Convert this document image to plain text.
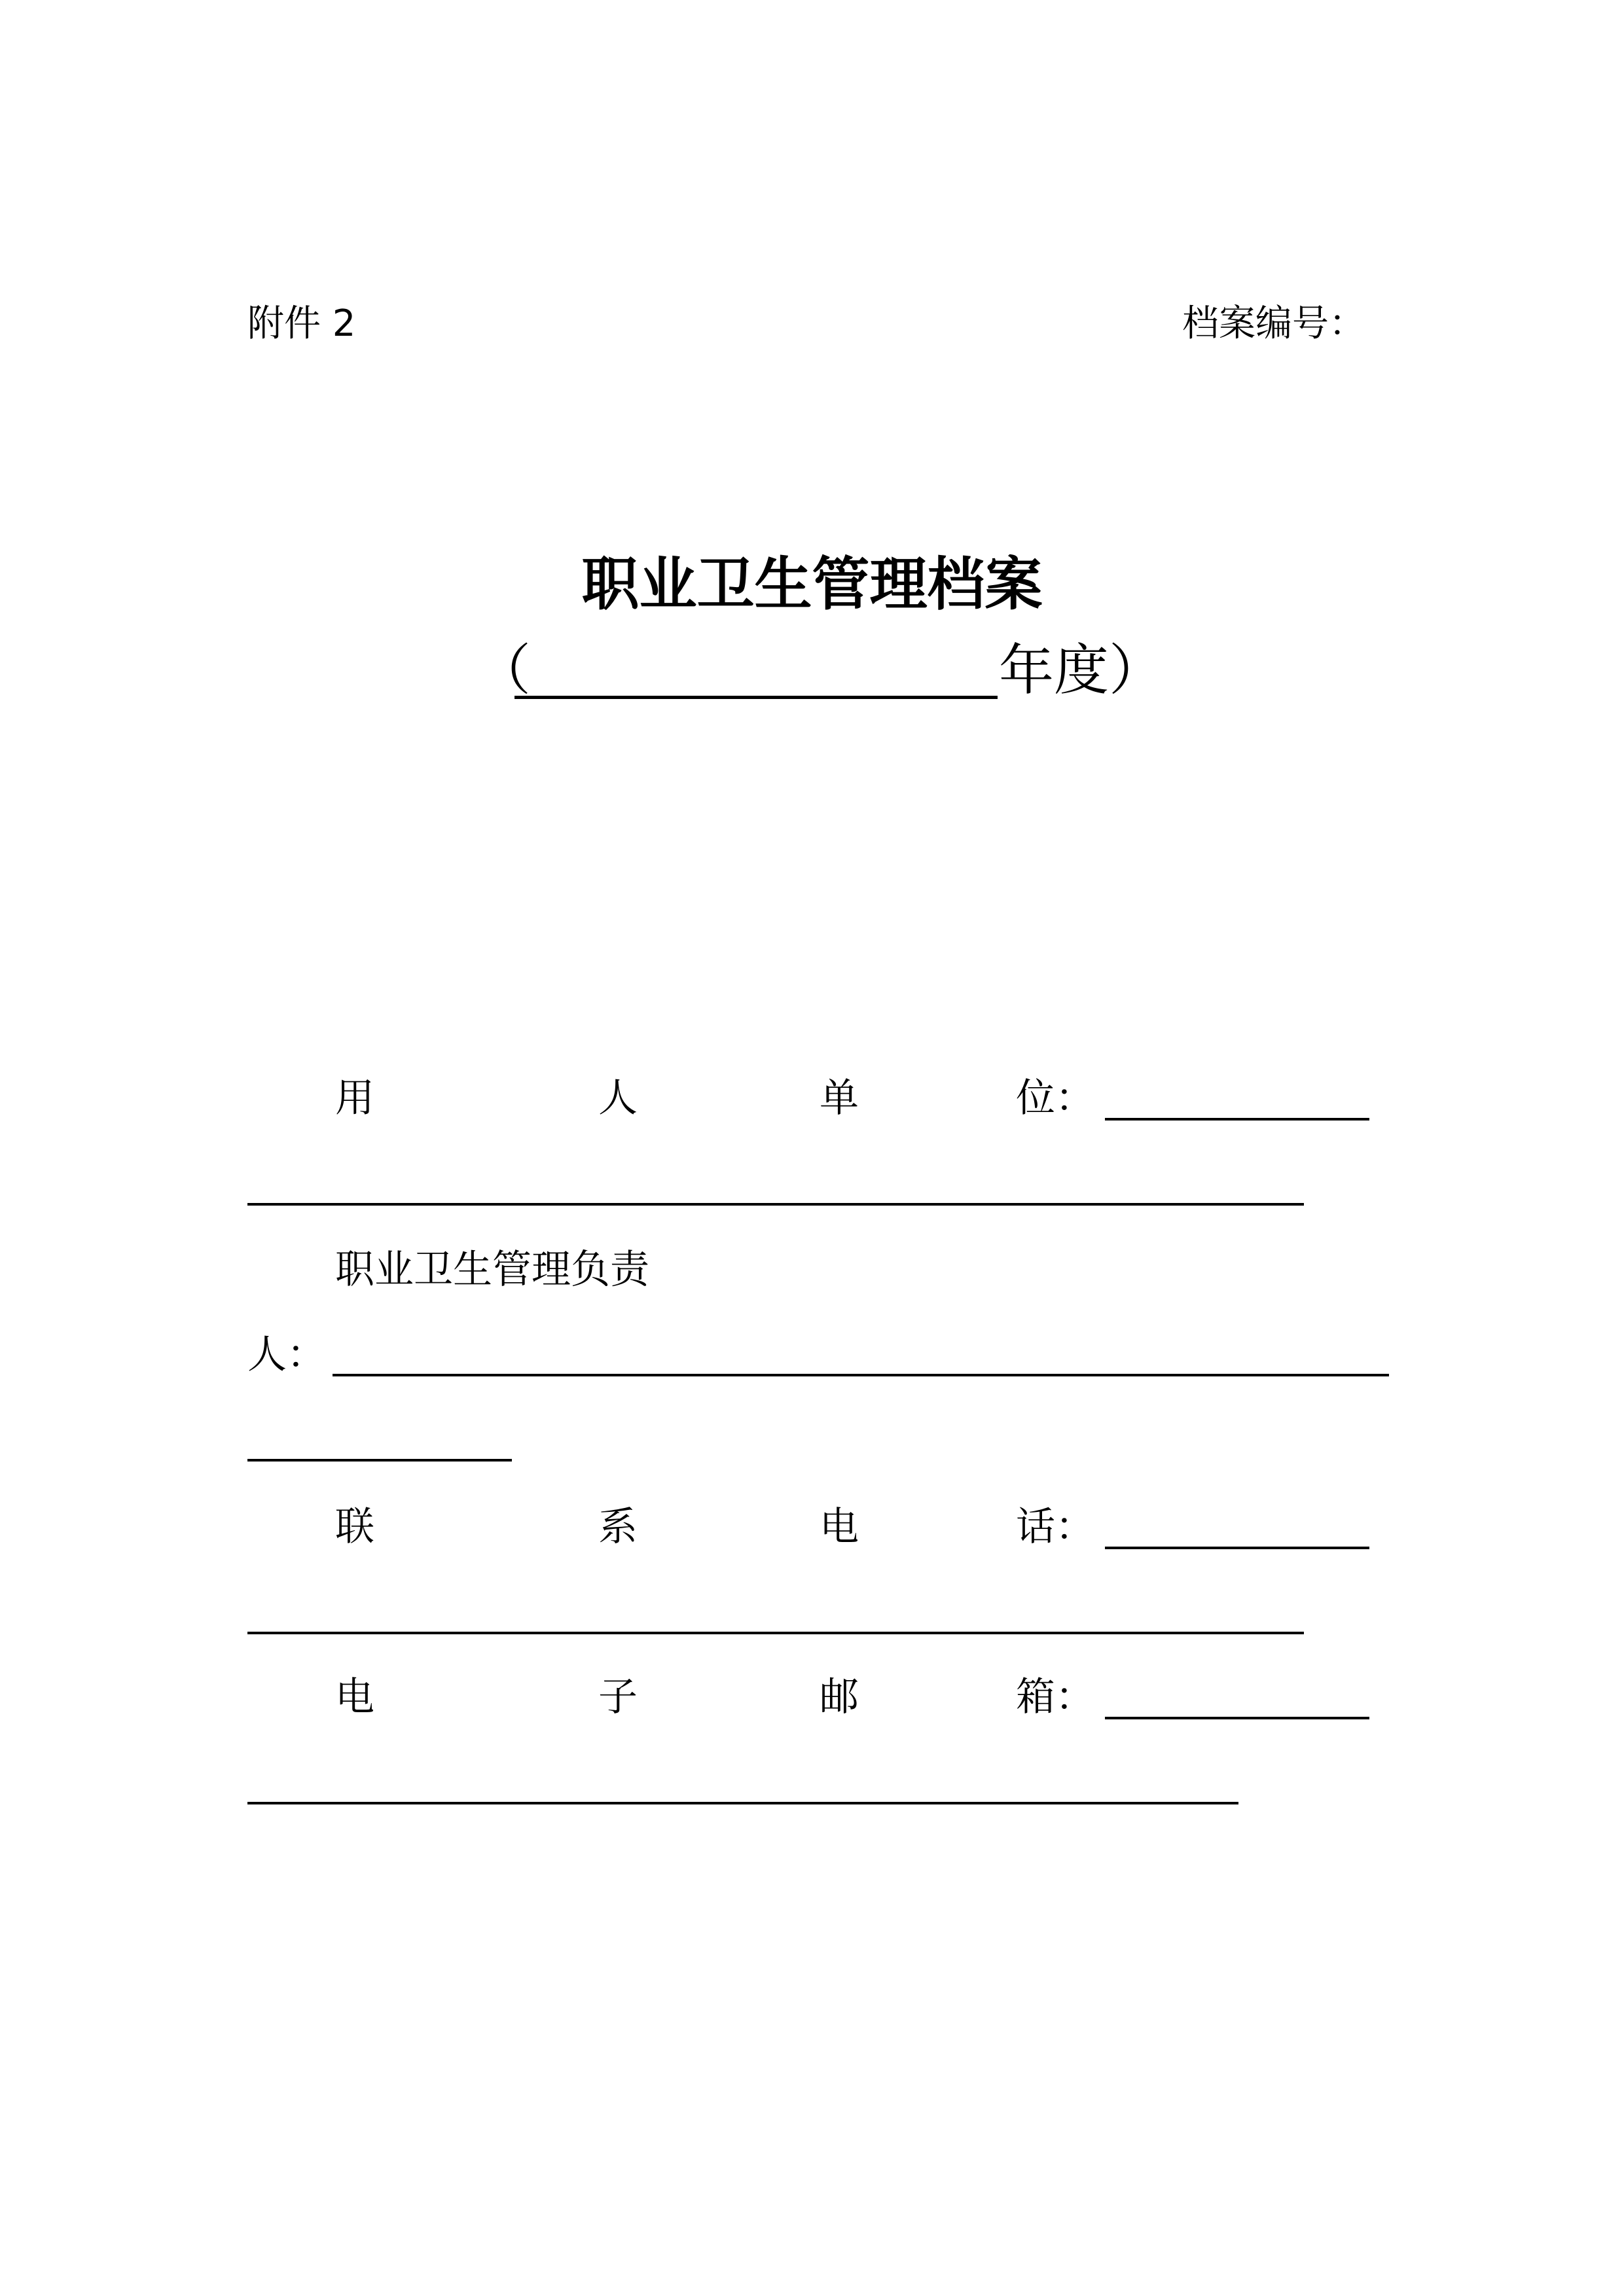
附件 2	档案编号：
职业卫生管理档案
（	年度）
用	人	单	位：
职业卫生管理负责
人：
联	系	电	话：
电	子	邮	箱：
